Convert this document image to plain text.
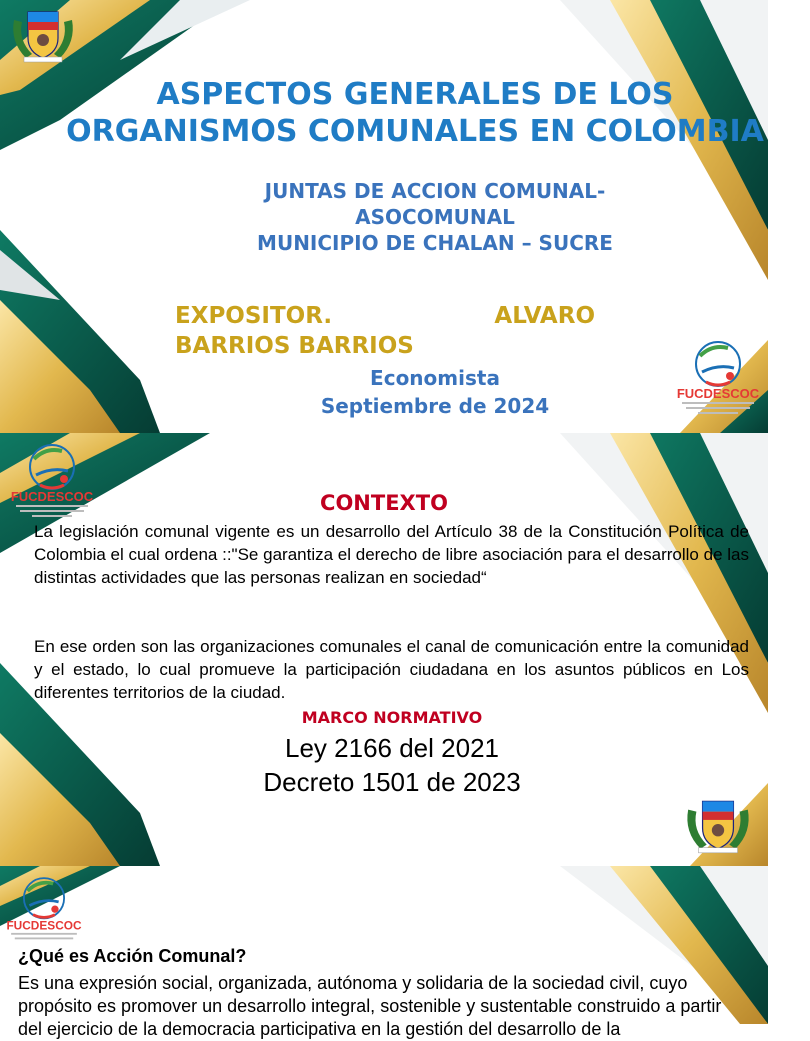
ASPECTOS GENERALES DE LOS ORGANISMOS COMUNALES EN COLOMBIA
JUNTAS DE ACCION COMUNAL-
ASOCOMUNAL
MUNICIPIO DE CHALAN – SUCRE
EXPOSITOR.	ALVARO
BARRIOS BARRIOS
Economista
Septiembre de 2024
FUCDESCOC
FUCDESCOC	CONTEXTO
La legislación comunal vigente es un desarrollo del Artículo 38 de la Constitución Política de Colombia el cual ordena ::"Se garantiza el derecho de libre asociación para el desarrollo de las distintas actividades que las personas realizan en sociedad“
En ese orden son las organizaciones comunales el canal de comunicación entre la comunidad y el estado, lo cual promueve la participación ciudadana en los asuntos públicos en Los diferentes territorios de la ciudad.
MARCO NORMATIVO
Ley 2166 del 2021
Decreto 1501 de 2023
FUCDESCOC
¿Qué es Acción Comunal?
Es una expresión social, organizada, autónoma y solidaria de la sociedad civil, cuyo propósito es promover un desarrollo integral, sostenible y sustentable construido a partir del ejercicio de la democracia participativa en la gestión del desarrollo de la
